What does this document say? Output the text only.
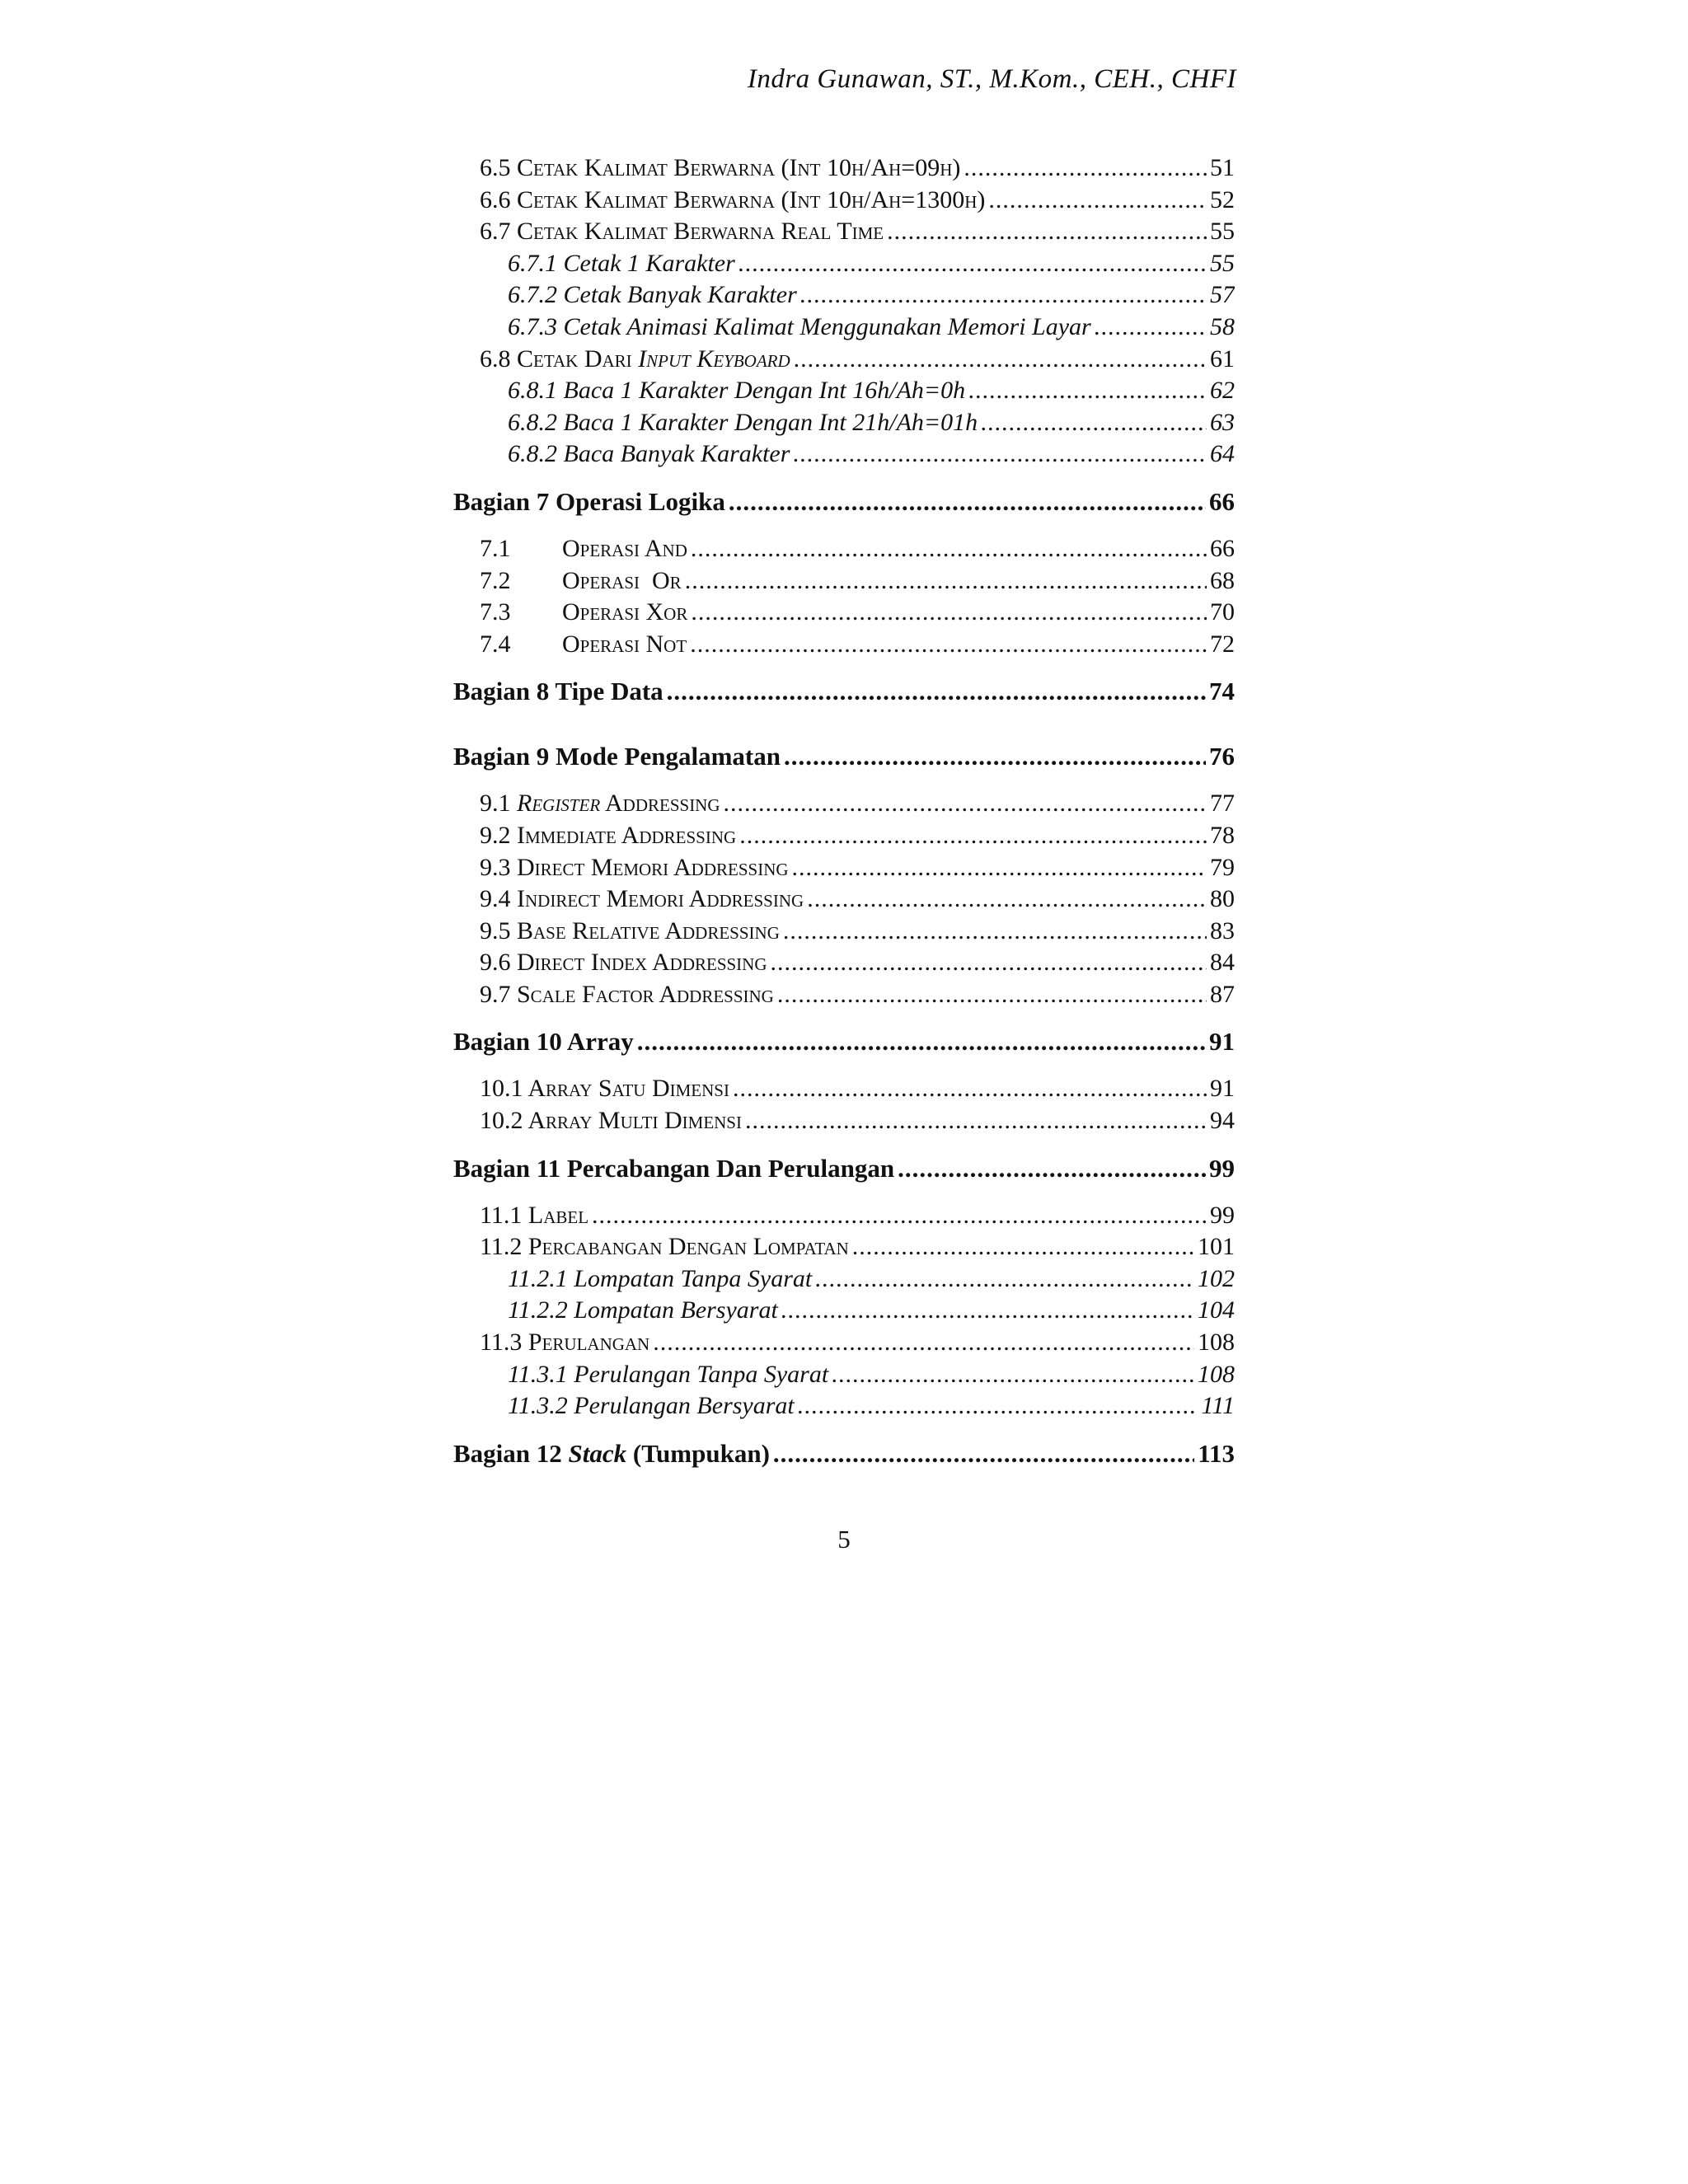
Indra Gunawan, ST., M.Kom., CEH., CHFI
6.5 Cetak Kalimat Berwarna (Int 10h/Ah=09h) .....	51
6.6 Cetak Kalimat Berwarna (Int 10h/Ah=1300h) .....	52
6.7 Cetak Kalimat Berwarna Real Time .....	55
6.7.1 Cetak 1 Karakter .....	55
6.7.2 Cetak Banyak Karakter .....	57
6.7.3 Cetak Animasi Kalimat Menggunakan Memori Layar .....	58
6.8 Cetak Dari Input Keyboard .....	61
6.8.1 Baca 1 Karakter Dengan Int 16h/Ah=0h .....	62
6.8.2 Baca 1 Karakter Dengan Int 21h/Ah=01h .....	63
6.8.2 Baca Banyak Karakter .....	64
Bagian 7 Operasi Logika .....	66
7.1 Operasi And .....	66
7.2 Operasi  Or .....	68
7.3 Operasi Xor .....	70
7.4 Operasi Not .....	72
Bagian 8 Tipe Data .....	74
Bagian 9 Mode Pengalamatan .....	76
9.1 Register Addressing .....	77
9.2 Immediate Addressing .....	78
9.3 Direct Memori Addressing .....	79
9.4 Indirect Memori Addressing .....	80
9.5 Base Relative Addressing .....	83
9.6 Direct Index Addressing .....	84
9.7 Scale Factor Addressing .....	87
Bagian 10 Array .....	91
10.1 Array Satu Dimensi .....	91
10.2 Array Multi Dimensi .....	94
Bagian 11 Percabangan Dan Perulangan .....	99
11.1 Label .....	99
11.2 Percabangan Dengan Lompatan .....	101
11.2.1 Lompatan Tanpa Syarat .....	102
11.2.2 Lompatan Bersyarat .....	104
11.3 Perulangan .....	108
11.3.1 Perulangan Tanpa Syarat .....	108
11.3.2 Perulangan Bersyarat .....	111
Bagian 12 Stack (Tumpukan) .....	113
5
